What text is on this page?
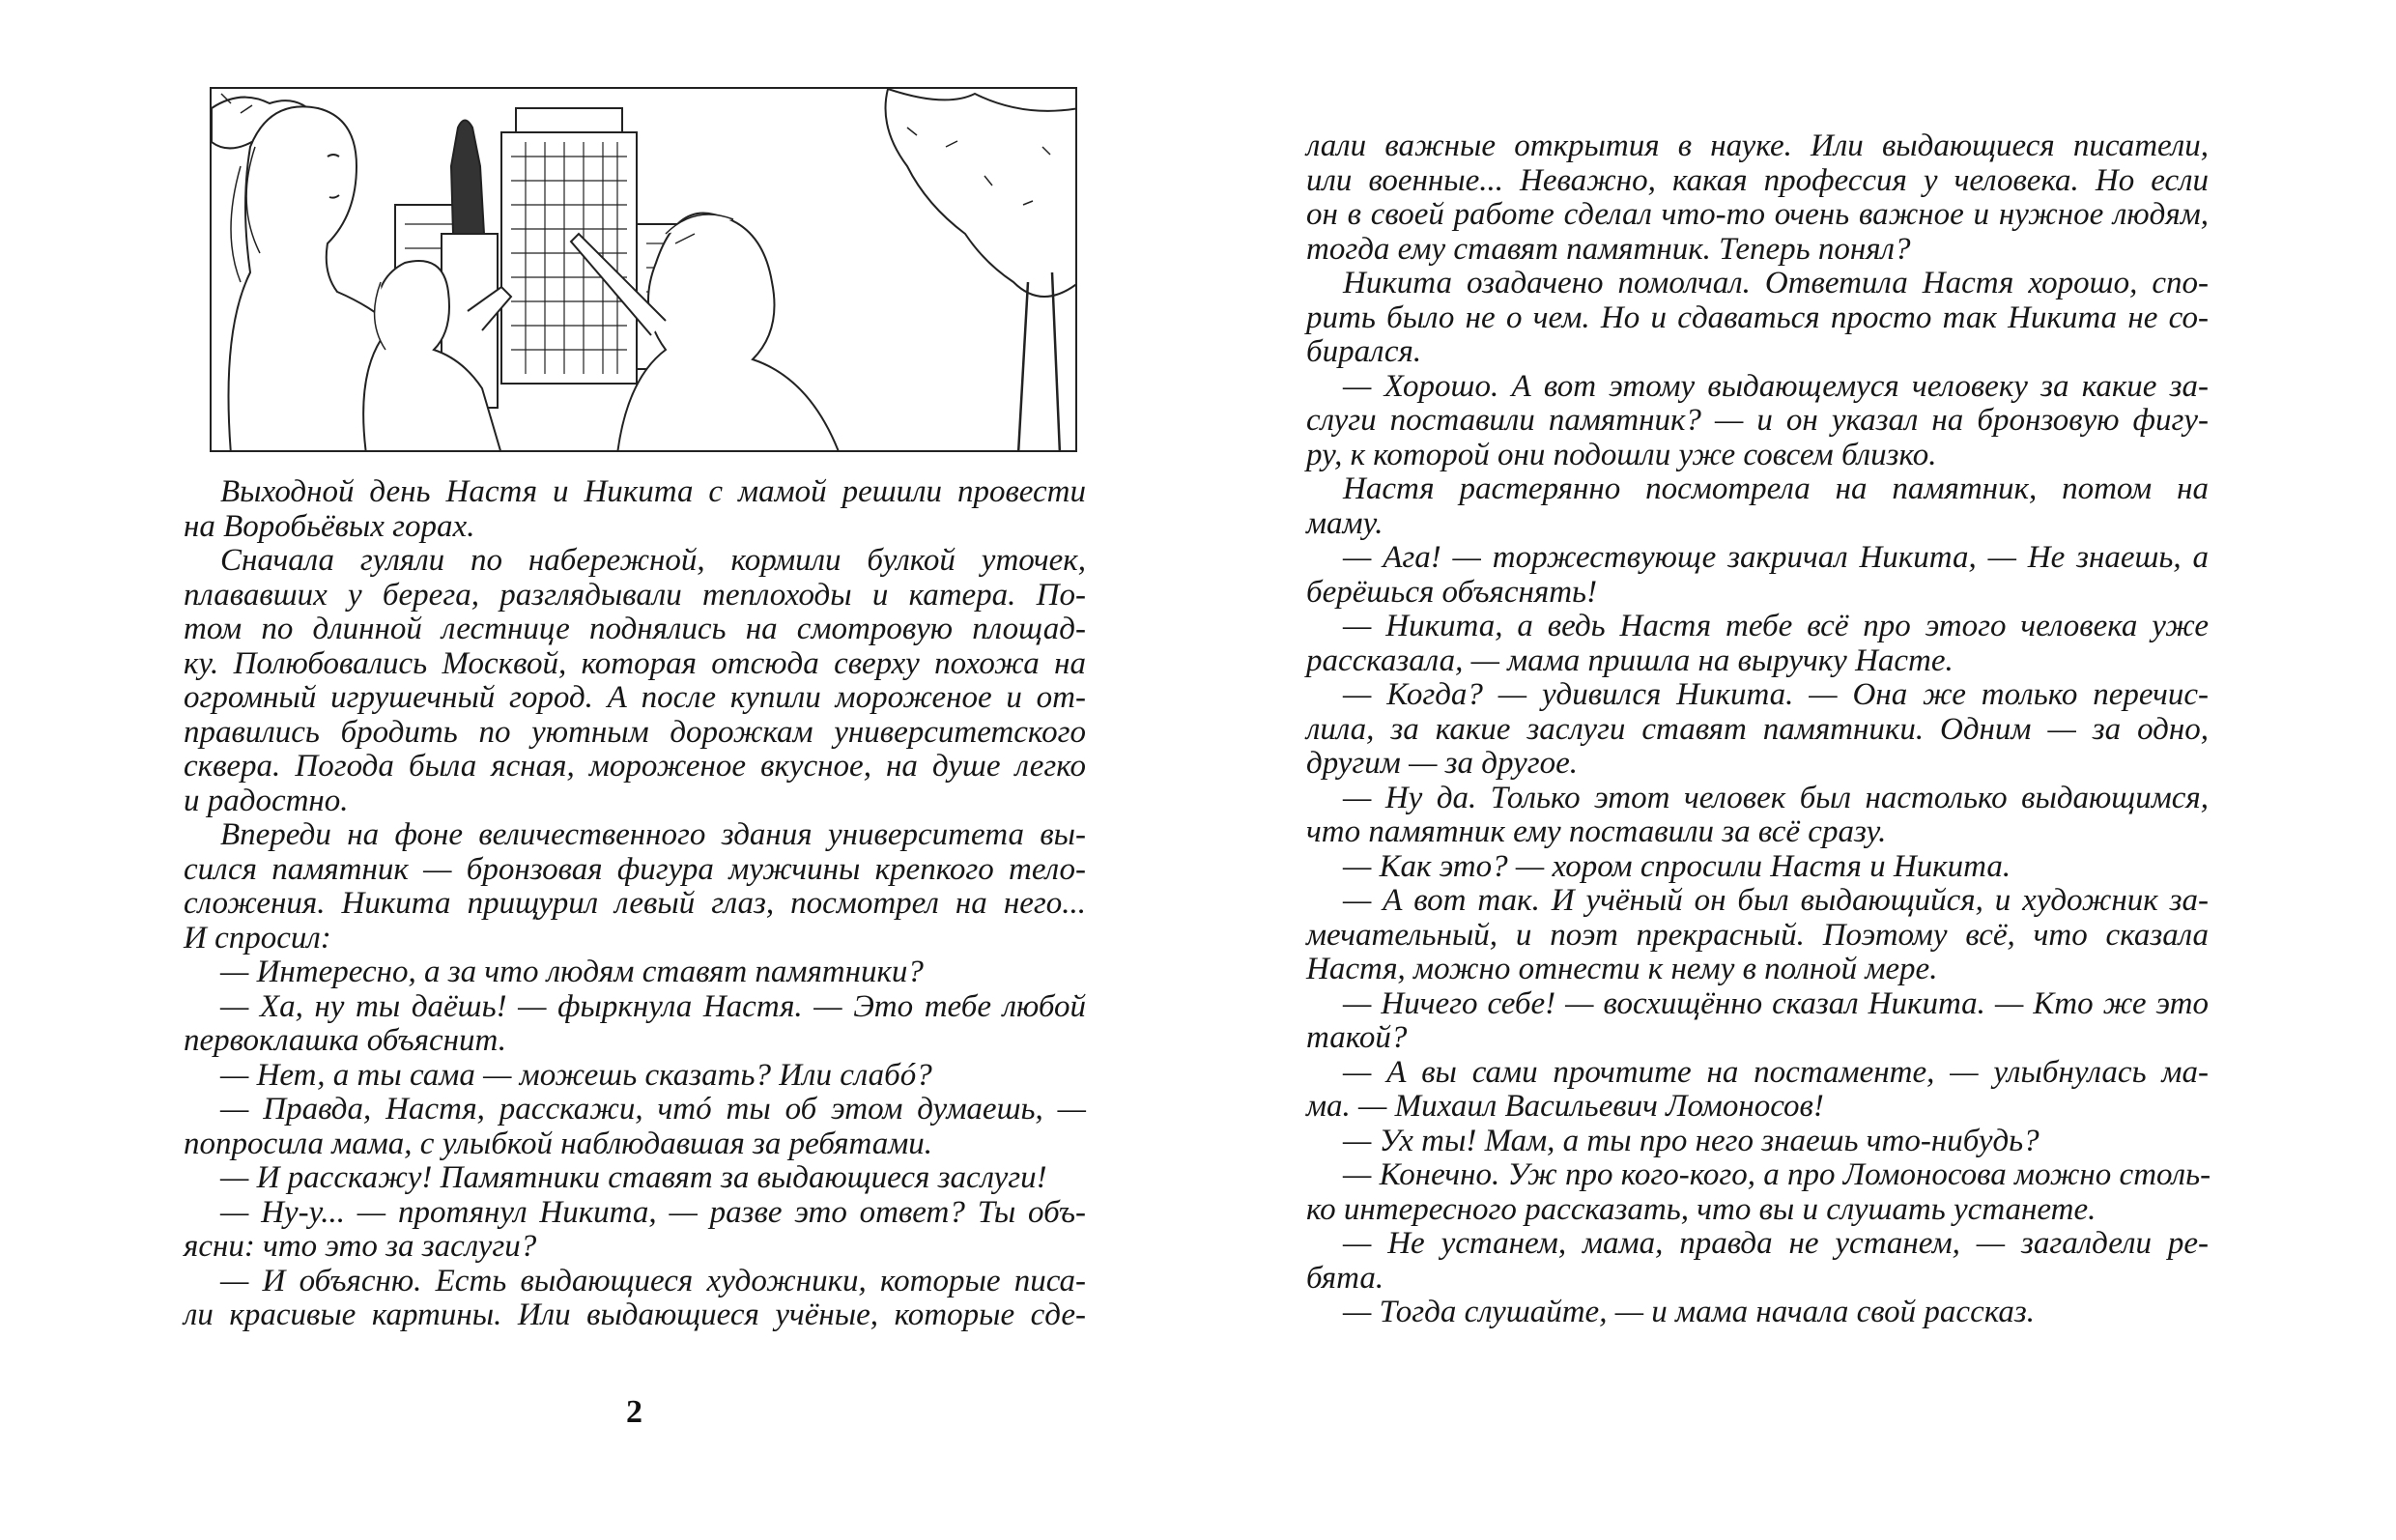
Выходной день Настя и Никита с мамой решили провести
на Воробьёвых горах.
Сначала гуляли по набережной, кормили булкой уточек,
плававших у берега, разглядывали теплоходы и катера. По-
том по длинной лестнице поднялись на смотровую площад-
ку. Полюбовались Москвой, которая отсюда сверху похожа на
огромный игрушечный город. А после купили мороженое и от-
правились бродить по уютным дорожкам университетского
сквера. Погода была ясная, мороженое вкусное, на душе легко
и радостно.
Впереди на фоне величественного здания университета вы-
сился памятник — бронзовая фигура мужчины крепкого тело-
сложения. Никита прищурил левый глаз, посмотрел на него...
И спросил:
— Интересно, а за что людям ставят памятники?
— Ха, ну ты даёшь! — фыркнула Настя. — Это тебе любой
первоклашка объяснит.
— Нет, а ты сама — можешь сказать? Или слабó?
— Правда, Настя, расскажи, чтó ты об этом думаешь, —
попросила мама, с улыбкой наблюдавшая за ребятами.
— И расскажу! Памятники ставят за выдающиеся заслуги!
— Ну-у... — протянул Никита, — разве это ответ? Ты объ-
ясни: что это за заслуги?
— И объясню. Есть выдающиеся художники, которые писа-
ли красивые картины. Или выдающиеся учёные, которые сде-
лали важные открытия в науке. Или выдающиеся писатели,
или военные... Неважно, какая профессия у человека. Но если
он в своей работе сделал что-то очень важное и нужное людям,
тогда ему ставят памятник. Теперь понял?
Никита озадачено помолчал. Ответила Настя хорошо, спо-
рить было не о чем. Но и сдаваться просто так Никита не со-
бирался.
— Хорошо. А вот этому выдающемуся человеку за какие за-
слуги поставили памятник? — и он указал на бронзовую фигу-
ру, к которой они подошли уже совсем близко.
Настя растерянно посмотрела на памятник, потом на
маму.
— Ага! — торжествующе закричал Никита, — Не знаешь, а
берёшься объяснять!
— Никита, а ведь Настя тебе всё про этого человека уже
рассказала, — мама пришла на выручку Насте.
— Когда? — удивился Никита. — Она же только перечис-
лила, за какие заслуги ставят памятники. Одним — за одно,
другим — за другое.
— Ну да. Только этот человек был настолько выдающимся,
что памятник ему поставили за всё сразу.
— Как это? — хором спросили Настя и Никита.
— А вот так. И учёный он был выдающийся, и художник за-
мечательный, и поэт прекрасный. Поэтому всё, что сказала
Настя, можно отнести к нему в полной мере.
— Ничего себе! — восхищённо сказал Никита. — Кто же это
такой?
— А вы сами прочтите на постаменте, — улыбнулась ма-
ма. — Михаил Васильевич Ломоносов!
— Ух ты! Мам, а ты про него знаешь что-нибудь?
— Конечно. Уж про кого-кого, а про Ломоносова можно столь-
ко интересного рассказать, что вы и слушать устанете.
— Не устанем, мама, правда не устанем, — загалдели ре-
бята.
— Тогда слушайте, — и мама начала свой рассказ.
2
